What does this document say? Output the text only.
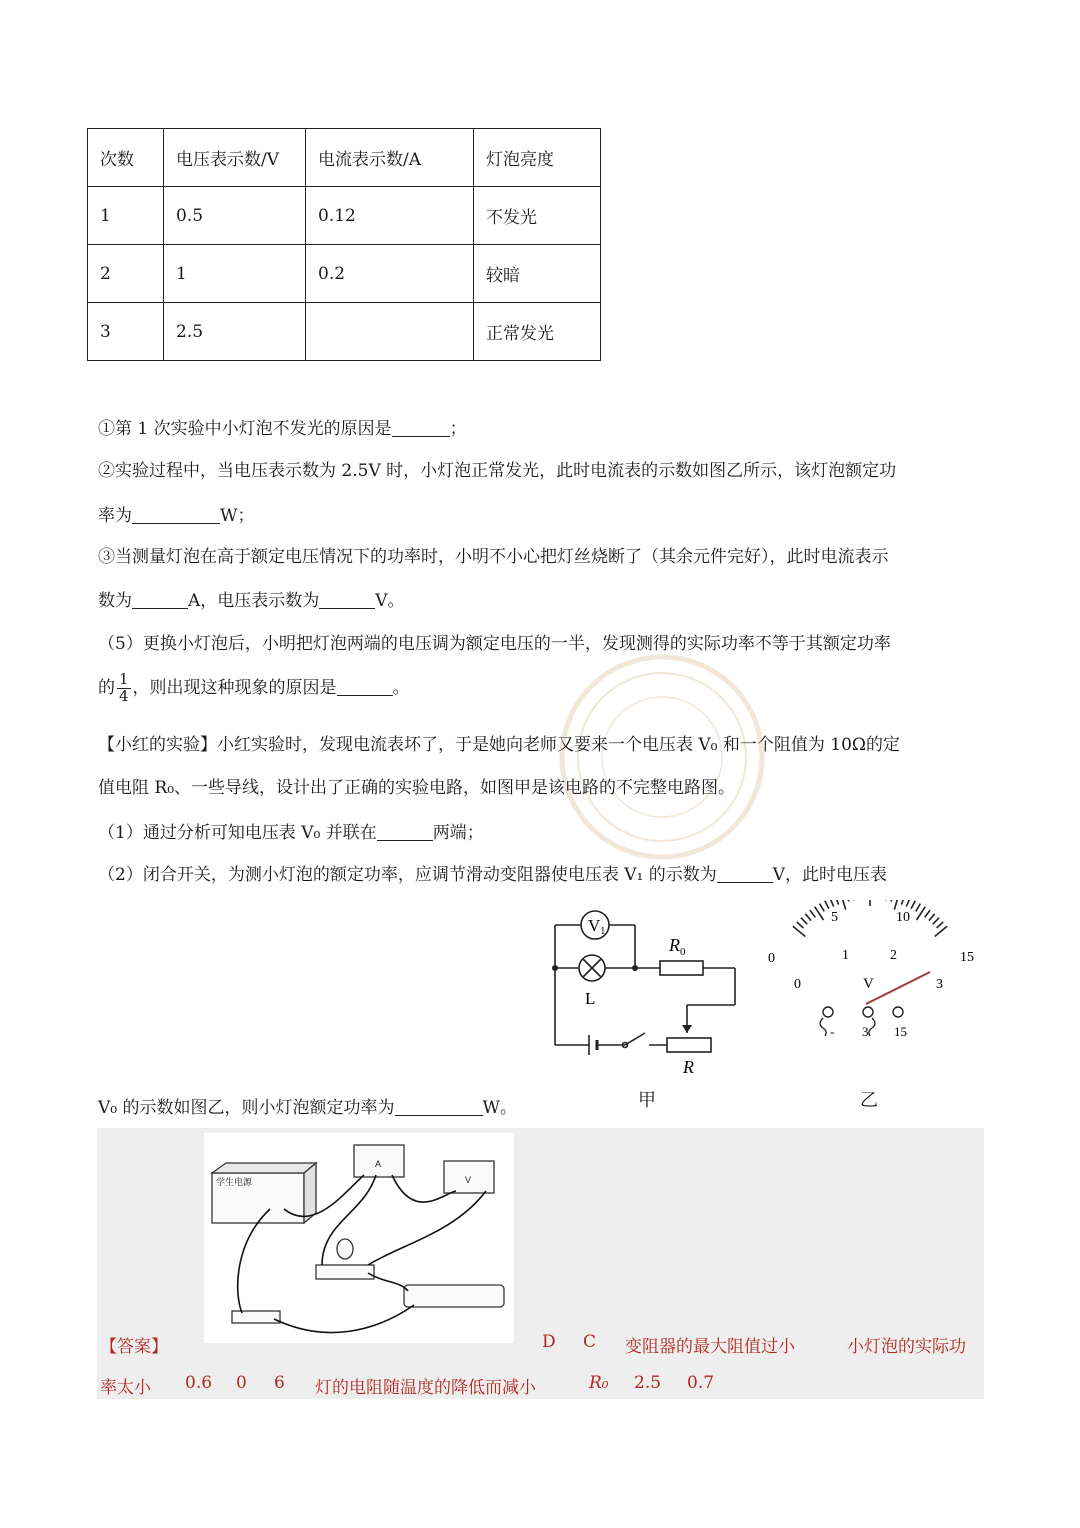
次数	电压表示数/V	电流表示数/A	灯泡亮度
1	0.5	0.12	不发光
2	1	0.2	较暗
3	2.5		正常发光
①第 1 次实验中小灯泡不发光的原因是	；
②实验过程中，当电压表示数为 2.5V 时，小灯泡正常发光，此时电流表的示数如图乙所示，该灯泡额定功
率为	W；
③当测量灯泡在高于额定电压情况下的功率时，小明不小心把灯丝烧断了（其余元件完好），此时电流表示
数为	A，电压表示数为	V。
（5）更换小灯泡后，小明把灯泡两端的电压调为额定电压的一半，发现测得的实际功率不等于其额定功率
的 $\frac{1}{4}$ ，则出现这种现象的原因是	。
【小红的实验】小红实验时，发现电流表坏了，于是她向老师又要来一个电压表 V₀ 和一个阻值为 10Ω的定
值电阻 R₀、一些导线，设计出了正确的实验电路，如图甲是该电路的不完整电路图。
（1）通过分析可知电压表 V₀ 并联在	两端；
（2）闭合开关，为测小灯泡的额定功率，应调节滑动变阻器使电压表 V₁ 的示数为	V，此时电压表
V₀ 的示数如图乙，则小灯泡额定功率为	W。
V1
L
$R_0$
R
甲
0
5	10
15
0
1	2
3
V
- 3 15
乙
学生电源
A
V
【答案】	D C 变阻器的最大阻值过小	小灯泡的实际功
率太小 0.6 0 6 灯的电阻随温度的降低而减小	R₀ 2.5 0.7
